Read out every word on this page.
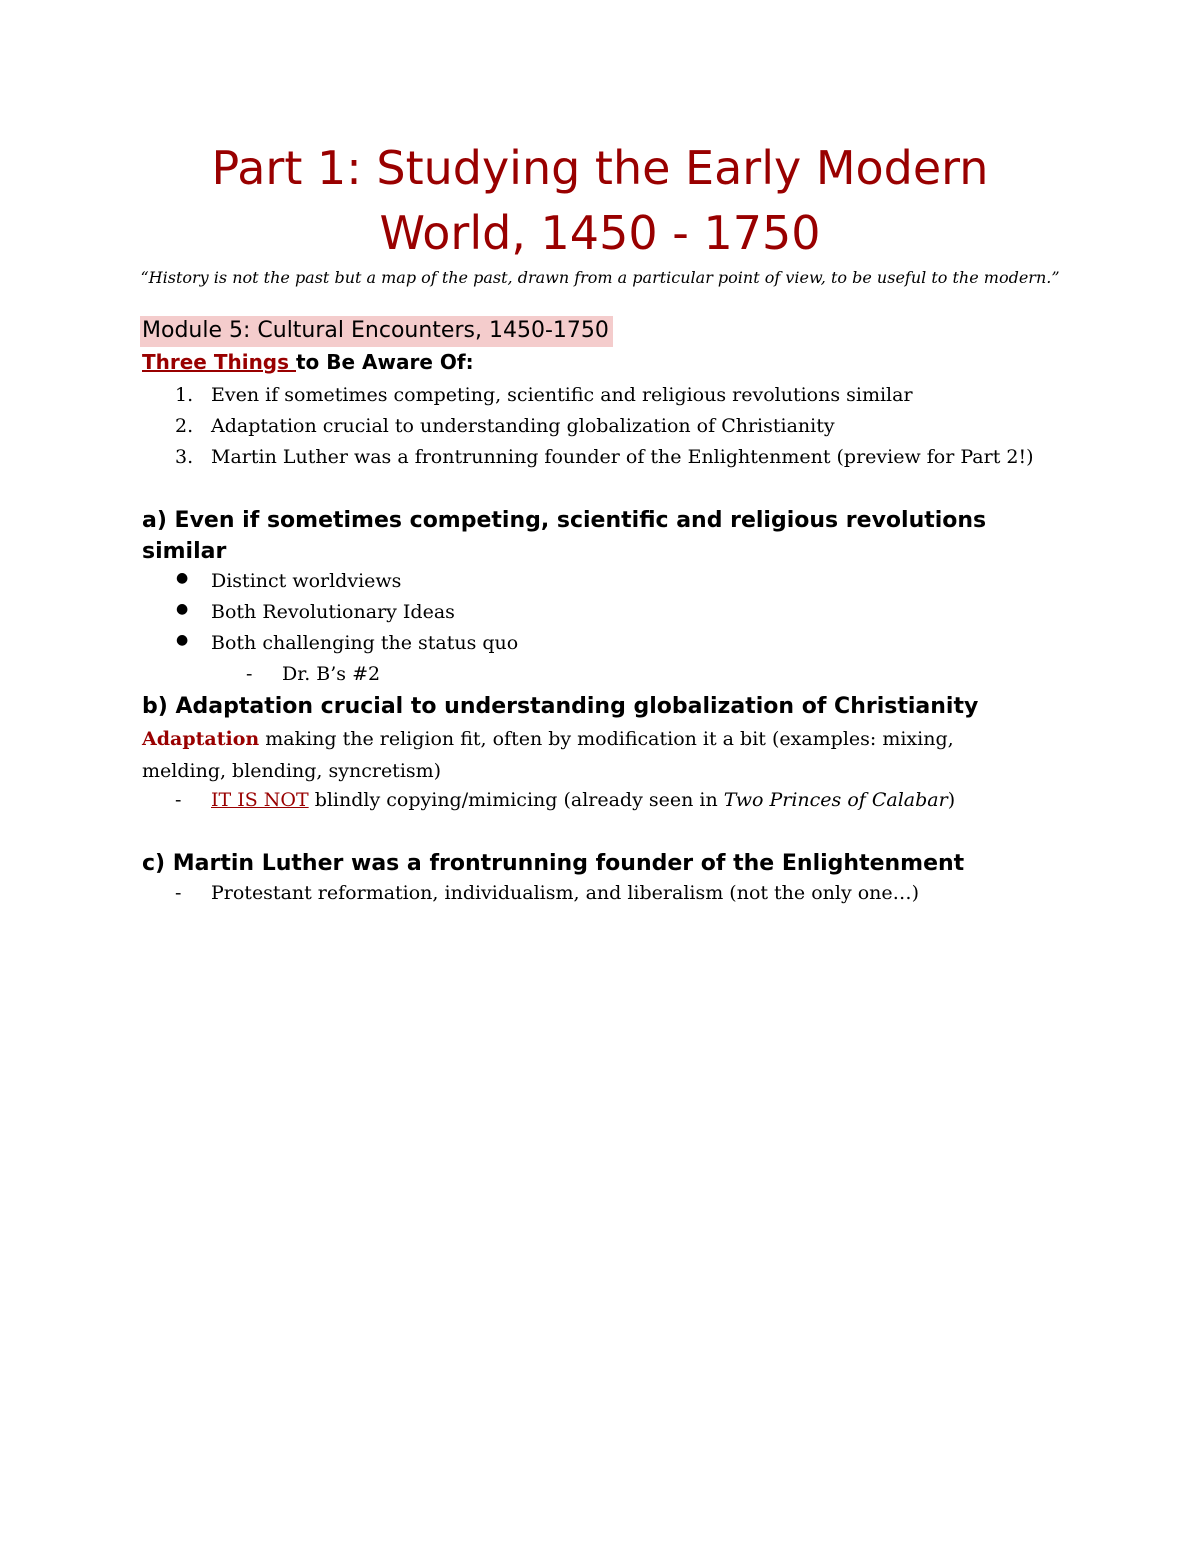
Part 1: Studying the Early Modern
World, 1450 - 1750
“History is not the past but a map of the past, drawn from a particular point of view, to be useful to the modern.”
Module 5: Cultural Encounters, 1450-1750
Three Things to Be Aware Of:
1. Even if sometimes competing, scientific and religious revolutions similar
2. Adaptation crucial to understanding globalization of Christianity
3. Martin Luther was a frontrunning founder of the Enlightenment (preview for Part 2!)
a) Even if sometimes competing, scientific and religious revolutions similar
● Distinct worldviews
● Both Revolutionary Ideas
● Both challenging the status quo
- Dr. B’s #2
b) Adaptation crucial to understanding globalization of Christianity
Adaptation making the religion fit, often by modification it a bit (examples: mixing, melding, blending, syncretism)
- IT IS NOT blindly copying/mimicing (already seen in Two Princes of Calabar)
c) Martin Luther was a frontrunning founder of the Enlightenment
- Protestant reformation, individualism, and liberalism (not the only one…)
